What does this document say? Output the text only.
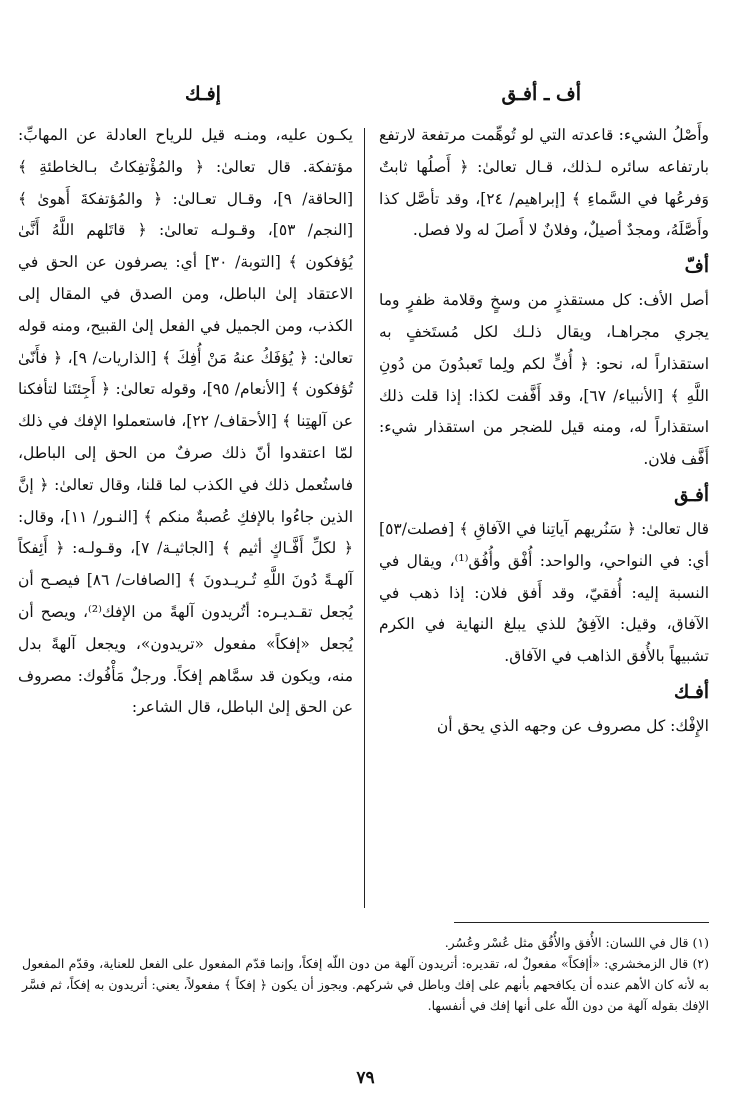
أف ـ أفـق
إفـك

وأَصْلُ الشيء: قاعدته التي لو تُوهِّمت مرتفعة لارتفع بارتفاعه سائره لـذلك، قـال تعالىٰ: ﴿ أَصلُها ثابتٌ وَفرعُها في السَّماءِ ﴾ [إبراهيم/ ٢٤]، وقد تأصَّل كذا وأَصَّلَهُ، ومجدٌ أصيلٌ، وفلانٌ لا أَصلَ له ولا فصل.

أفّ

أصل الأف: كل مستقذرٍ من وسخٍ وقلامة ظفرٍ وما يجري مجراهـا، ويقال ذلـك لكل مُستَخفٍ به استقذاراً له، نحو: ﴿ أُفٍّ لكم ولِما تَعبدُونَ من دُونِ اللَّهِ ﴾ [الأنبياء/ ٦٧]، وقد أَفَّفت لكذا: إذا قلت ذلك استقذاراً له، ومنه قيل للضجر من استقذار شيء: أَفَّف فلان.

أفـق

قال تعالىٰ: ﴿ سَنُريهم آياتِنا في الآفاقِ ﴾ [فصلت/٥٣] أي: في النواحي، والواحد: أُفْق وأُفُق⁽¹⁾، ويقال في النسبة إليه: أُفقيّ، وقد أَفق فلان: إذا ذهب في الآفاق، وقيل: الآفِقُ للذي يبلغ النهاية في الكرم تشبيهاً بالأُفق الذاهب في الآفاق.

أفـك

الإِفْك: كل مصروف عن وجهه الذي يحق أن

يكـون عليه، ومنـه قيل للرياح العادلة عن المهابِّ: مؤتفكة. قال تعالىٰ: ﴿ والمُؤْتفِكاتُ بـالخاطئةِ ﴾ [الحاقة/ ٩]، وقـال تعـالىٰ: ﴿ والمُؤتفكةَ أَهوىٰ ﴾ [النجم/ ٥٣]، وقـولـه تعالىٰ: ﴿ قاتَلهم اللَّهُ أَنَّىٰ يُؤفكون ﴾ [التوبة/ ٣٠] أي: يصرفون عن الحق في الاعتقاد إلىٰ الباطل، ومن الصدق في المقال إلى الكذب، ومن الجميل في الفعل إلىٰ القبيح، ومنه قوله تعالىٰ: ﴿ يُؤفَكُ عنهُ مَنْ أُفِكَ ﴾ [الذاريات/ ٩]، ﴿ فأَنّىٰ تُؤفكون ﴾ [الأنعام/ ٩٥]، وقوله تعالىٰ: ﴿ أَجِئتَنا لتأفكنا عن آلهتِنا ﴾ [الأحقاف/ ٢٢]، فاستعملوا الإفك في ذلك لمّا اعتقدوا أنّ ذلك صرفٌ من الحق إلى الباطل، فاستُعمل ذلك في الكذب لما قلنا، وقال تعالىٰ: ﴿ إنَّ الذين جاءُوا بالإفكِ عُصبةٌ منكم ﴾ [النـور/ ١١]، وقال: ﴿ لكلِّ أَفَّـاكٍ أثيم ﴾ [الجاثيـة/ ٧]، وقـولـه: ﴿ أَئِفكاً آلهـةً دُونَ اللَّهِ تُـريـدونَ ﴾ [الصافات/ ٨٦] فيصـح أن يُجعل تقـديـره: أتُريدون آلهةً من الإفك⁽²⁾، ويصح أن يُجعل «إفكاً» مفعول «تريدون»، ويجعل آلهةً بدل منه، ويكون قد سمَّاهم إفكاً. ورجلٌ مَأْفُوك: مصروف عن الحق إلىٰ الباطل، قال الشاعر:

(١) قال في اللسان: الأُفق والأُفُق مثل عُسْر وعُسُر.

(٢) قال الزمخشري: «أإفكاً» مفعولٌ له، تقديره: أتريدون آلهة من دون اللّه إفكاً، وإنما قدّم المفعول على الفعل للعناية، وقدّم المفعول به لأنه كان الأهم عنده أن يكافحهم بأنهم على إفك وباطل في شركهم. ويجوز أن يكون ﴿ إفكاً ﴾ مفعولاً، يعني: أتريدون به إفكاً، ثم فسَّر الإفك بقوله آلهة من دون اللّه على أنها إفك في أنفسها.

٧٩
